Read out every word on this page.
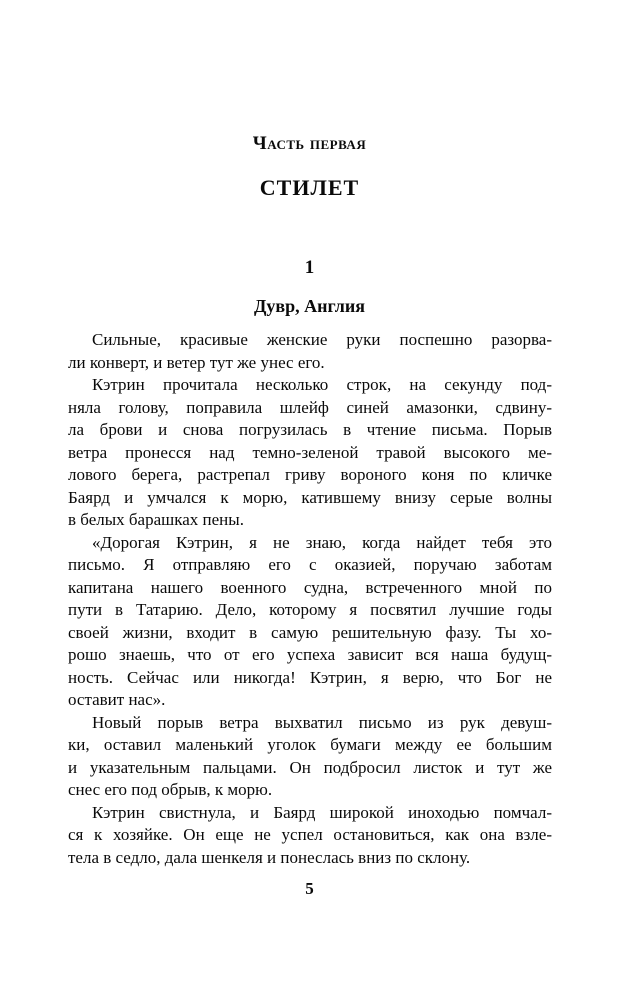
Часть первая
СТИЛЕТ
1
Дувр, Англия
Сильные, красивые женские руки поспешно разорва-
ли конверт, и ветер тут же унес его.
Кэтрин прочитала несколько строк, на секунду под-
няла голову, поправила шлейф синей амазонки, сдвину-
ла брови и снова погрузилась в чтение письма. Порыв
ветра пронесся над темно-зеленой травой высокого ме-
лового берега, растрепал гриву вороного коня по кличке
Баярд и умчался к морю, катившему внизу серые волны
в белых барашках пены.
«Дорогая Кэтрин, я не знаю, когда найдет тебя это
письмо. Я отправляю его с оказией, поручаю заботам
капитана нашего военного судна, встреченного мной по
пути в Татарию. Дело, которому я посвятил лучшие годы
своей жизни, входит в самую решительную фазу. Ты хо-
рошо знаешь, что от его успеха зависит вся наша будущ-
ность. Сейчас или никогда! Кэтрин, я верю, что Бог не
оставит нас».
Новый порыв ветра выхватил письмо из рук девуш-
ки, оставил маленький уголок бумаги между ее большим
и указательным пальцами. Он подбросил листок и тут же
снес его под обрыв, к морю.
Кэтрин свистнула, и Баярд широкой иноходью помчал-
ся к хозяйке. Он еще не успел остановиться, как она взле-
тела в седло, дала шенкеля и понеслась вниз по склону.
5
